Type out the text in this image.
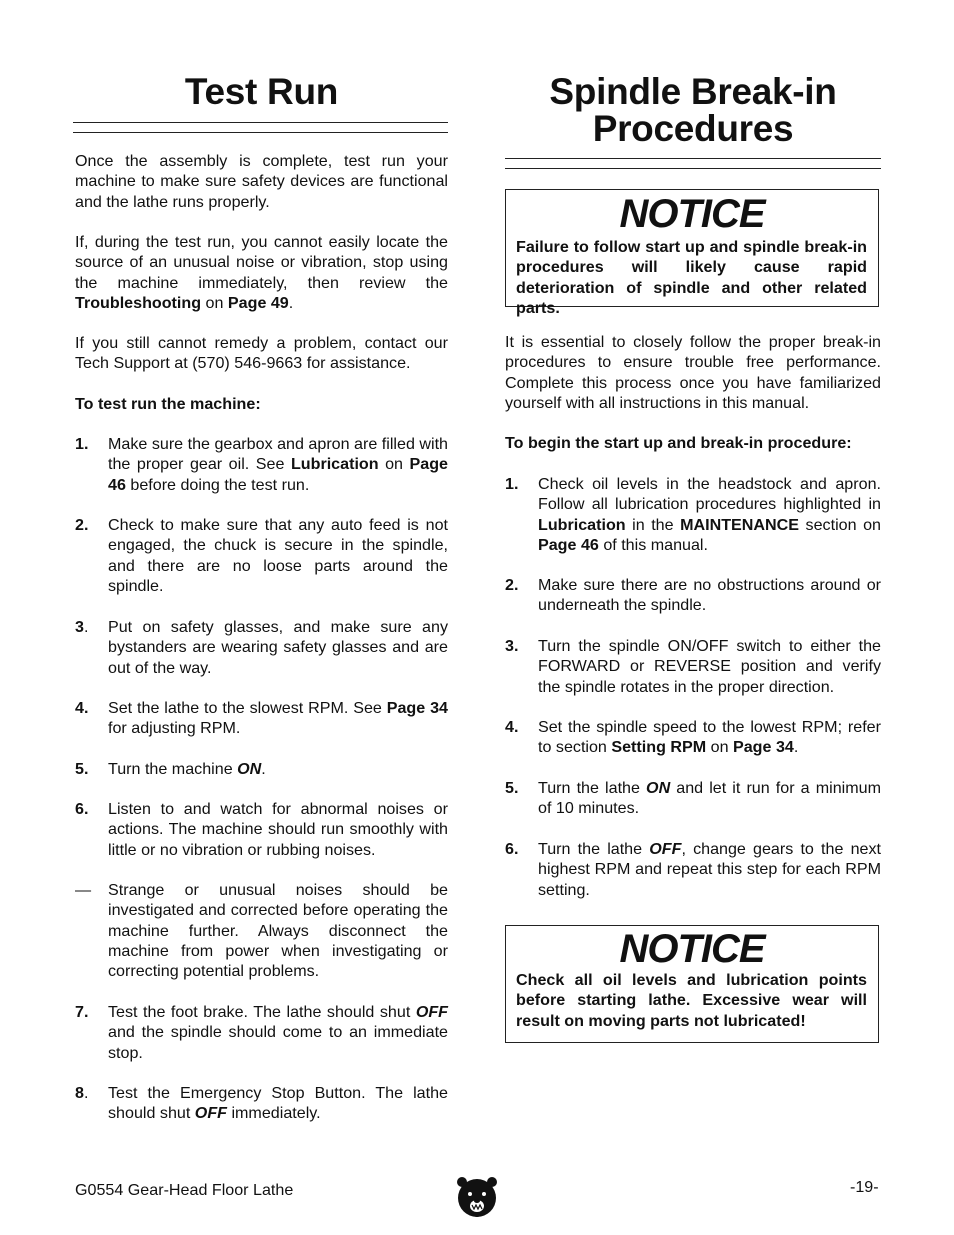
Test Run

Once the assembly is complete, test run your machine to make sure safety devices are functional and the lathe runs properly.

If, during the test run, you cannot easily locate the source of an unusual noise or vibration, stop using the machine immediately, then review the Troubleshooting on Page 49.

If you still cannot remedy a problem, contact our Tech Support at (570) 546-9663 for assistance.

To test run the machine:

1.	Make sure the gearbox and apron are filled with the proper gear oil. See Lubrication on Page 46 before doing the test run.
2.	Check to make sure that any auto feed is not engaged, the chuck is secure in the spindle, and there are no loose parts around the spindle.
3.	Put on safety glasses, and make sure any bystanders are wearing safety glasses and are out of the way.
4.	Set the lathe to the slowest RPM. See Page 34 for adjusting RPM.
5.	Turn the machine ON.
6.	Listen to and watch for abnormal noises or actions. The machine should run smoothly with little or no vibration or rubbing noises.
—	Strange or unusual noises should be investigated and corrected before operating the machine further. Always disconnect the machine from power when investigating or correcting potential problems.
7.	Test the foot brake. The lathe should shut OFF and the spindle should come to an immediate stop.
8.	Test the Emergency Stop Button. The lathe should shut OFF immediately.
Spindle Break-in
Procedures
NOTICE
Failure to follow start up and spindle break-in procedures will likely cause rapid deterioration of spindle and other related parts.

It is essential to closely follow the proper break-in procedures to ensure trouble free performance. Complete this process once you have familiarized yourself with all instructions in this manual.

To begin the start up and break-in procedure:

1.	Check oil levels in the headstock and apron. Follow all lubrication procedures highlighted in Lubrication in the MAINTENANCE section on Page 46 of this manual.
2.	Make sure there are no obstructions around or underneath the spindle.
3.	Turn the spindle ON/OFF switch to either the FORWARD or REVERSE position and verify the spindle rotates in the proper direction.
4.	Set the spindle speed to the lowest RPM; refer to section Setting RPM on Page 34.
5.	Turn the lathe ON and let it run for a minimum of 10 minutes.
6.	Turn the lathe OFF, change gears to the next highest RPM and repeat this step for each RPM setting.
NOTICE
Check all oil levels and lubrication points before starting lathe. Excessive wear will result on moving parts not lubricated!
G0554 Gear-Head Floor Lathe	-19-
